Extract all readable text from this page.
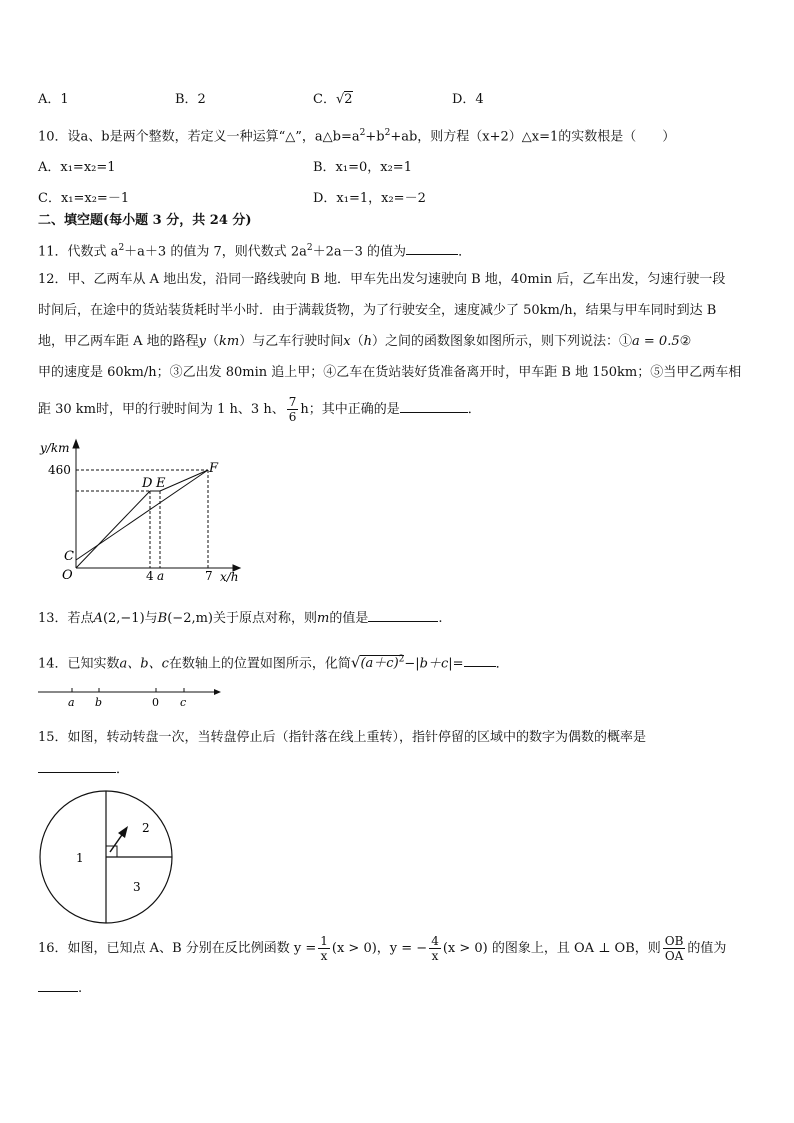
A．1	B．2	C．√2	D．4
10．设a、b是两个整数，若定义一种运算“△”，$a\triangle b=a^2+b^2+ab$，则方程（x+2）△x=1的实数根是（　　）
A．x₁=x₂=1	B．x₁=0，x₂=1
C．x₁=x₂=－1	D．x₁=1，x₂=－2
二、填空题(每小题 3 分，共 24 分)
11．代数式 $a^2+a+3$ 的值为 7，则代数式 $2a^2+2a-3$ 的值为	．
12．甲、乙两车从 A 地出发，沿同一路线驶向 B 地．甲车先出发匀速驶向 B 地，40min 后，乙车出发，匀速行驶一段
时间后，在途中的货站装货耗时半小时．由于满载货物，为了行驶安全，速度减少了 50km/h，结果与甲车同时到达 B
地，甲乙两车距 A 地的路程y（km）与乙车行驶时间x（h）之间的函数图象如图所示，则下列说法：①a = 0.5②
甲的速度是 60km/h；③乙出发 80min 追上甲；④乙车在货站装好货准备离开时，甲车距 B 地 150km；⑤当甲乙两车相
距 30 km时，甲的行驶时间为 1 h、3 h、 $\frac{7}{6}$ h；其中正确的是	．
y/km
460
D E
F
C
O	4 a	7 x/h
13．若点A(2,−1)与B(−2,m)关于原点对称，则m的值是	.
14．已知实数a、b、c在数轴上的位置如图所示，化简$√(a+c)^2-|b+c|=$ ．
a b	0 c
15．如图，转动转盘一次，当转盘停止后（指针落在线上重转），指针停留的区域中的数字为偶数的概率是
．
1
2
3
16．如图，已知点 A、B 分别在反比例函数 $y = \frac{1}{x} (x > 0)$，y = − $\frac{4}{x} (x > 0)$ 的图象上，且 OA ⊥ OB，则 $\frac{OB}{OA}$ 的值为
.
